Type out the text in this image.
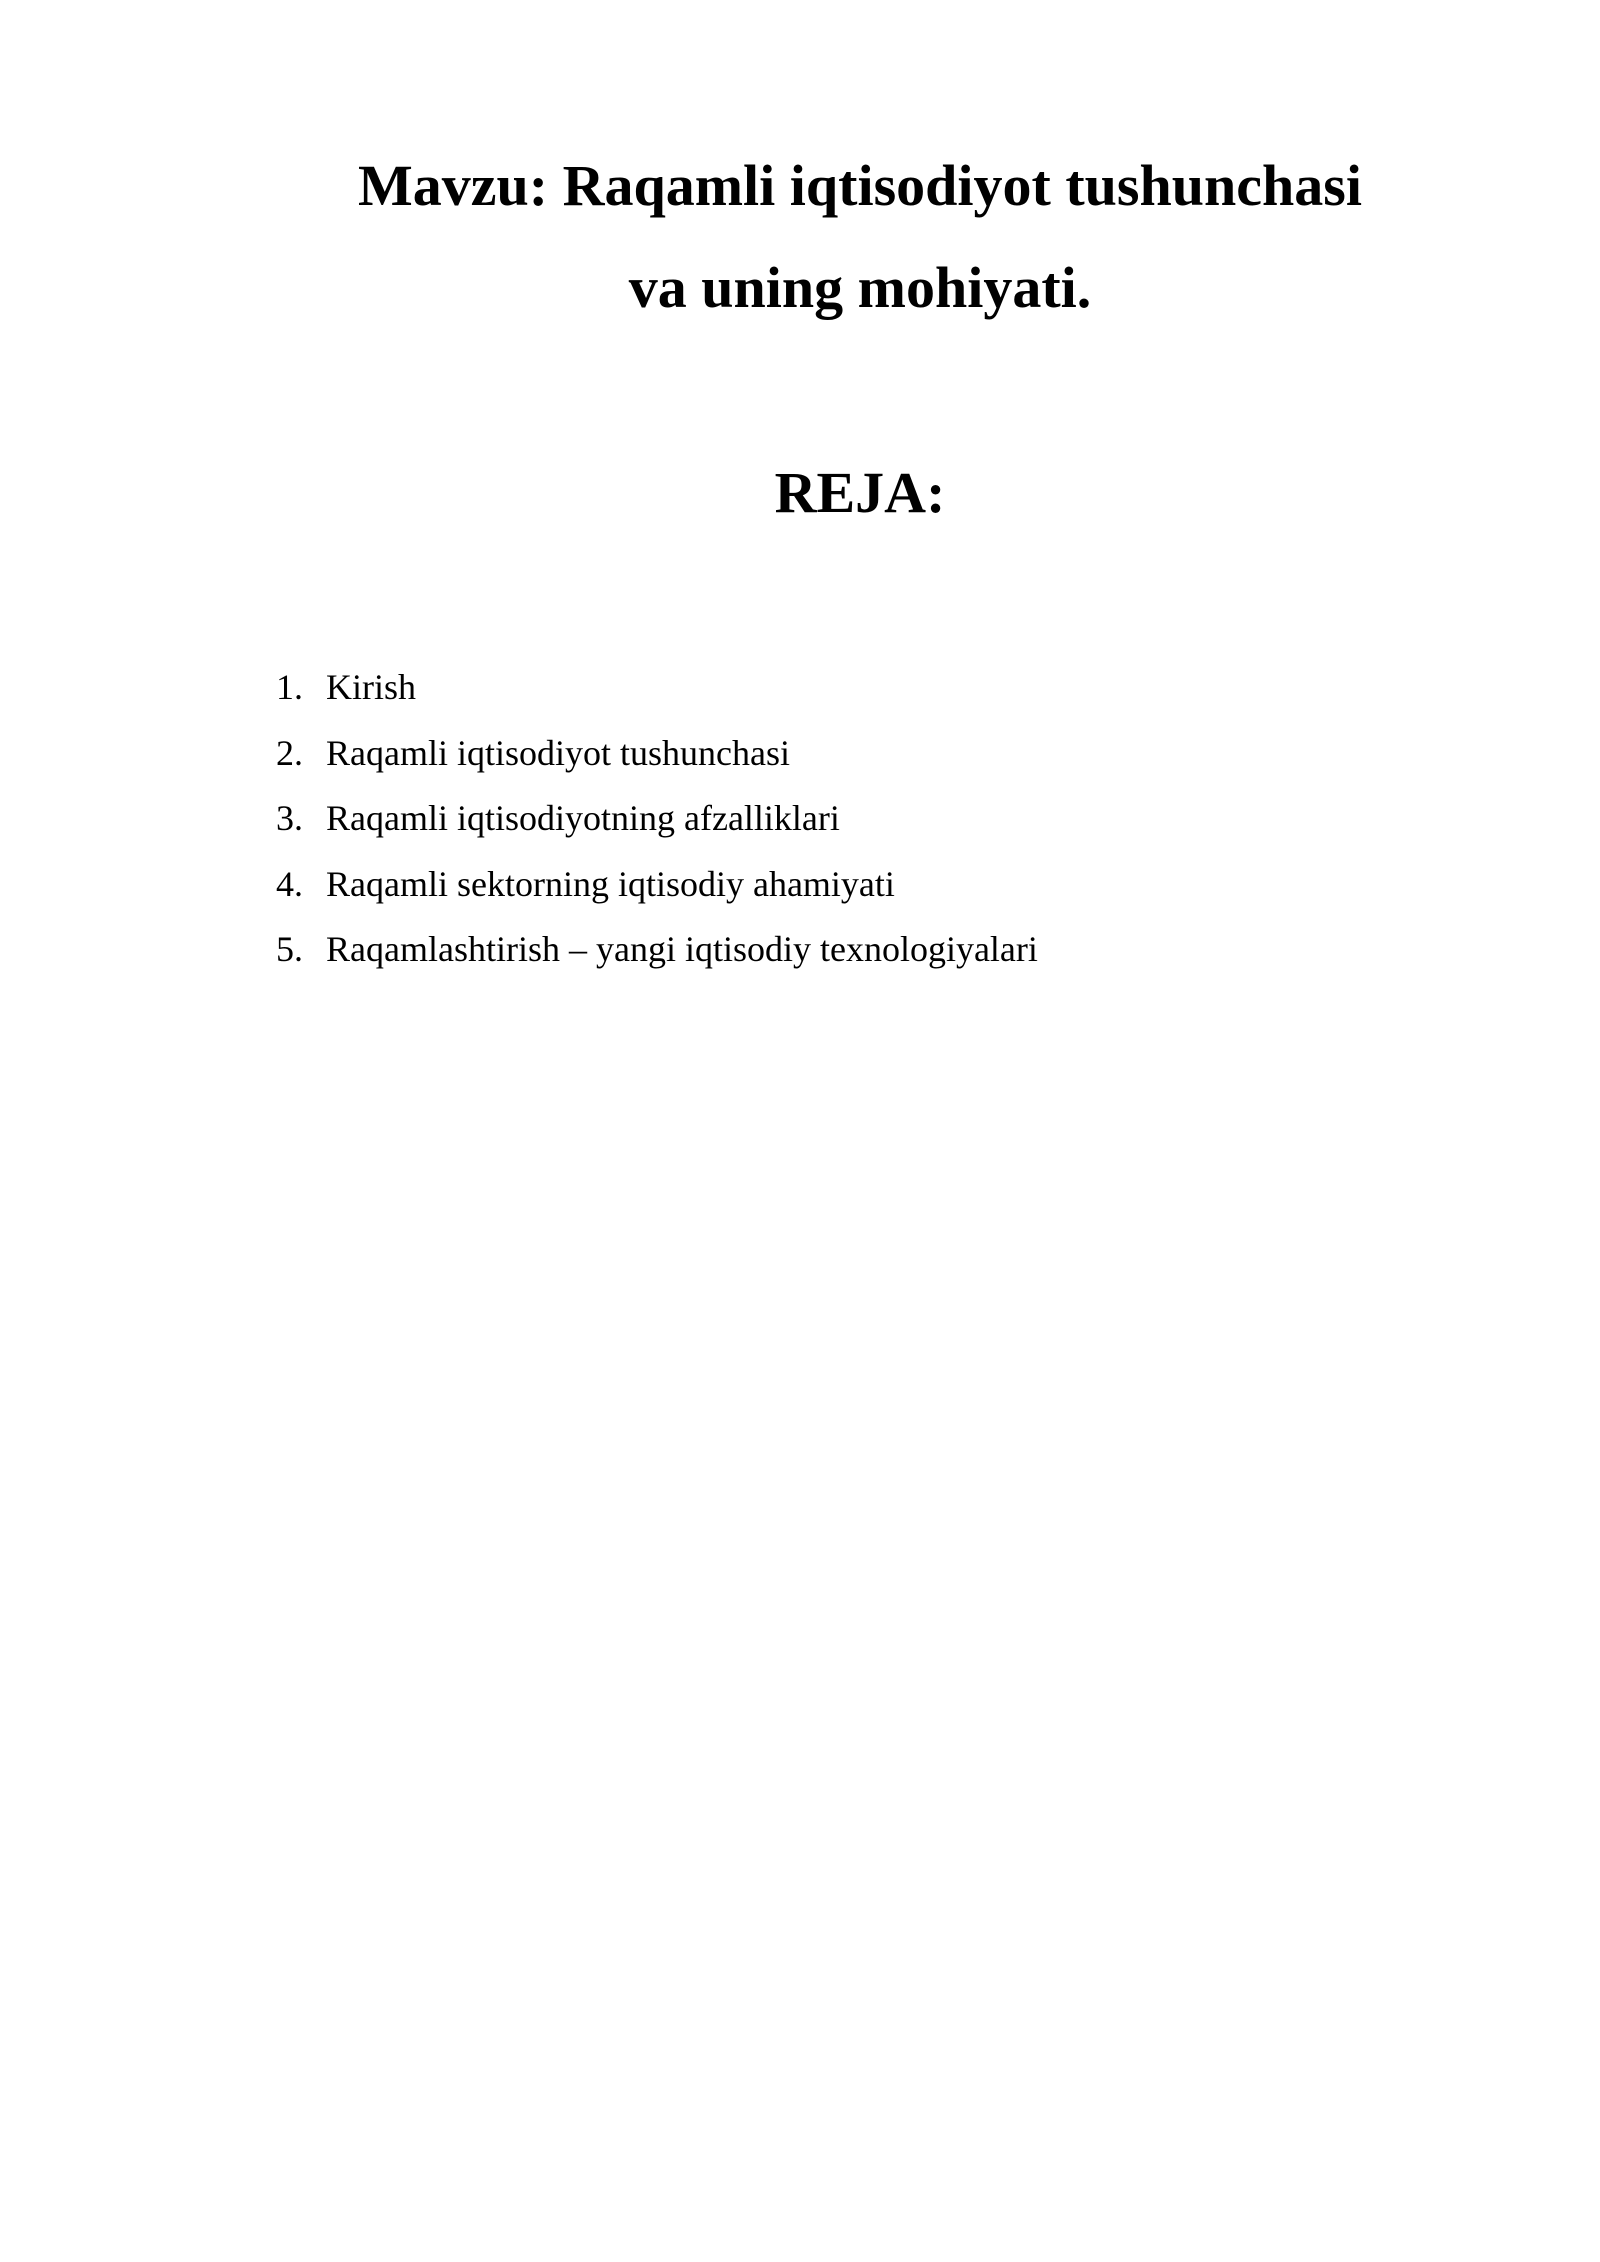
Mavzu: Raqamli iqtisodiyot tushunchasi
va uning mohiyati.
REJA:
1. Kirish
2. Raqamli iqtisodiyot tushunchasi
3. Raqamli iqtisodiyotning afzalliklari
4. Raqamli sektorning iqtisodiy ahamiyati
5. Raqamlashtirish – yangi iqtisodiy texnologiyalari
